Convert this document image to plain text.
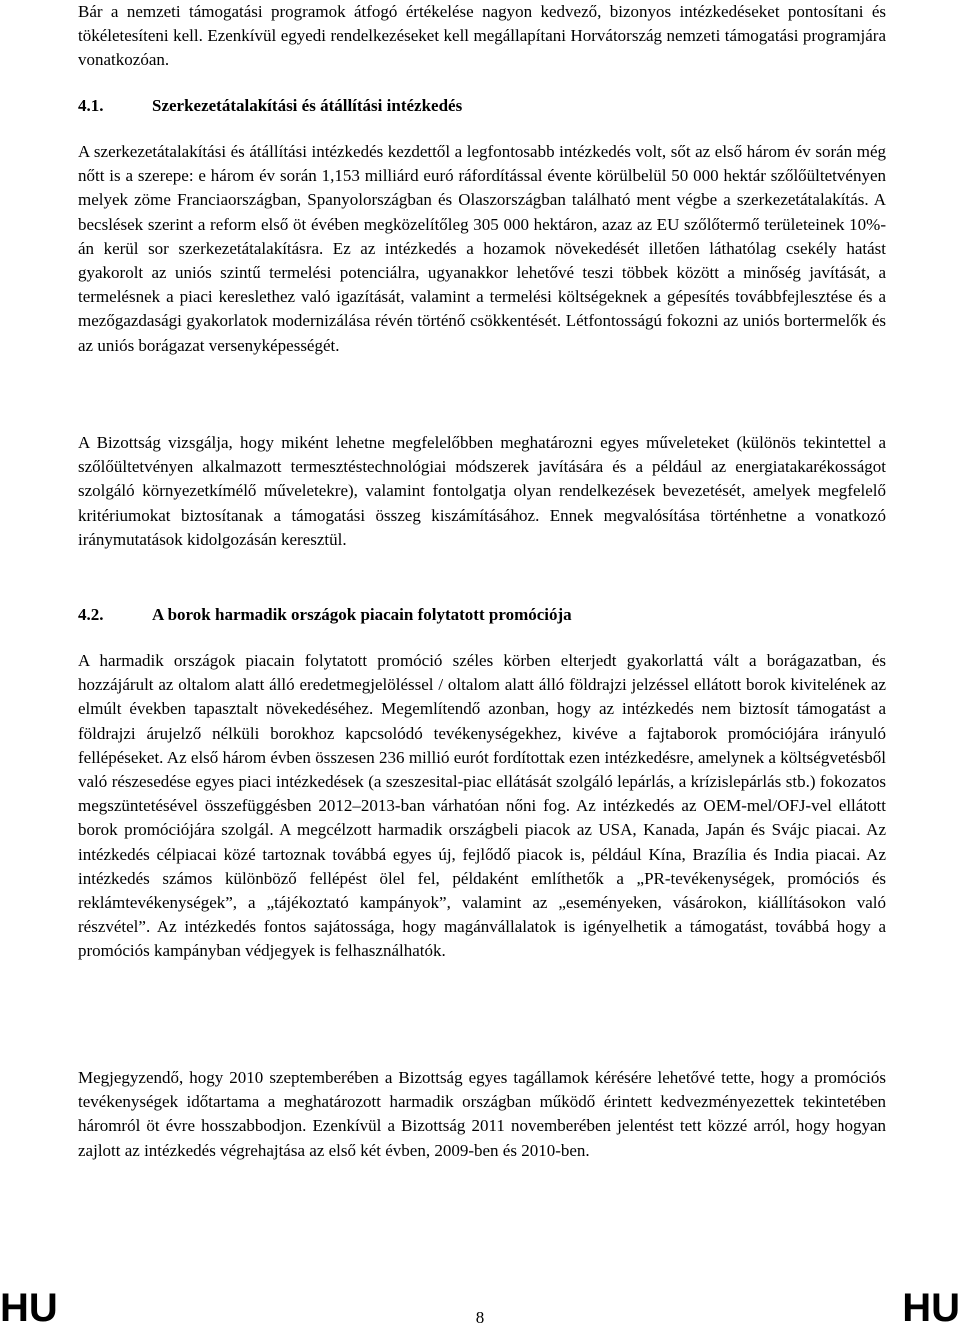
Bár a nemzeti támogatási programok átfogó értékelése nagyon kedvező, bizonyos intézkedéseket pontosítani és tökéletesíteni kell. Ezenkívül egyedi rendelkezéseket kell megállapítani Horvátország nemzeti támogatási programjára vonatkozóan.

4.1.	Szerkezetátalakítási és átállítási intézkedés

A szerkezetátalakítási és átállítási intézkedés kezdettől a legfontosabb intézkedés volt, sőt az első három év során még nőtt is a szerepe: e három év során 1,153 milliárd euró ráfordítással évente körülbelül 50 000 hektár szőlőültetvényen melyek zöme Franciaországban, Spanyolországban és Olaszországban található ment végbe a szerkezetátalakítás. A becslések szerint a reform első öt évében megközelítőleg 305 000 hektáron, azaz az EU szőlőtermő területeinek 10%-án kerül sor szerkezetátalakításra. Ez az intézkedés a hozamok növekedését illetően láthatólag csekély hatást gyakorolt az uniós szintű termelési potenciálra, ugyanakkor lehetővé teszi többek között a minőség javítását, a termelésnek a piaci kereslethez való igazítását, valamint a termelési költségeknek a gépesítés továbbfejlesztése és a mezőgazdasági gyakorlatok modernizálása révén történő csökkentését. Létfontosságú fokozni az uniós bortermelők és az uniós borágazat versenyképességét.

A Bizottság vizsgálja, hogy miként lehetne megfelelőbben meghatározni egyes műveleteket (különös tekintettel a szőlőültetvényen alkalmazott termesztéstechnológiai módszerek javítására és a például az energiatakarékosságot szolgáló környezetkímélő műveletekre), valamint fontolgatja olyan rendelkezések bevezetését, amelyek megfelelő kritériumokat biztosítanak a támogatási összeg kiszámításához. Ennek megvalósítása történhetne a vonatkozó iránymutatások kidolgozásán keresztül.

4.2.	A borok harmadik országok piacain folytatott promóciója

A harmadik országok piacain folytatott promóció széles körben elterjedt gyakorlattá vált a borágazatban, és hozzájárult az oltalom alatt álló eredetmegjelöléssel / oltalom alatt álló földrajzi jelzéssel ellátott borok kivitelének az elmúlt években tapasztalt növekedéséhez. Megemlítendő azonban, hogy az intézkedés nem biztosít támogatást a földrajzi árujelző nélküli borokhoz kapcsolódó tevékenységekhez, kivéve a fajtaborok promóciójára irányuló fellépéseket. Az első három évben összesen 236 millió eurót fordítottak ezen intézkedésre, amelynek a költségvetésből való részesedése egyes piaci intézkedések (a szeszesital-piac ellátását szolgáló lepárlás, a krízislepárlás stb.) fokozatos megszüntetésével összefüggésben 2012–2013-ban várhatóan nőni fog. Az intézkedés az OEM-mel/OFJ-vel ellátott borok promóciójára szolgál. A megcélzott harmadik országbeli piacok az USA, Kanada, Japán és Svájc piacai. Az intézkedés célpiacai közé tartoznak továbbá egyes új, fejlődő piacok is, például Kína, Brazília és India piacai. Az intézkedés számos különböző fellépést ölel fel, példaként említhetők a „PR-tevékenységek, promóciós és reklámtevékenységek”, a „tájékoztató kampányok”, valamint az „eseményeken, vásárokon, kiállításokon való részvétel”. Az intézkedés fontos sajátossága, hogy magánvállalatok is igényelhetik a támogatást, továbbá hogy a promóciós kampányban védjegyek is felhasználhatók.

Megjegyzendő, hogy 2010 szeptemberében a Bizottság egyes tagállamok kérésére lehetővé tette, hogy a promóciós tevékenységek időtartama a meghatározott harmadik országban működő érintett kedvezményezettek tekintetében háromról öt évre hosszabbodjon. Ezenkívül a Bizottság 2011 novemberében jelentést tett közzé arról, hogy hogyan zajlott az intézkedés végrehajtása az első két évben, 2009-ben és 2010-ben.

HU	8	HU
